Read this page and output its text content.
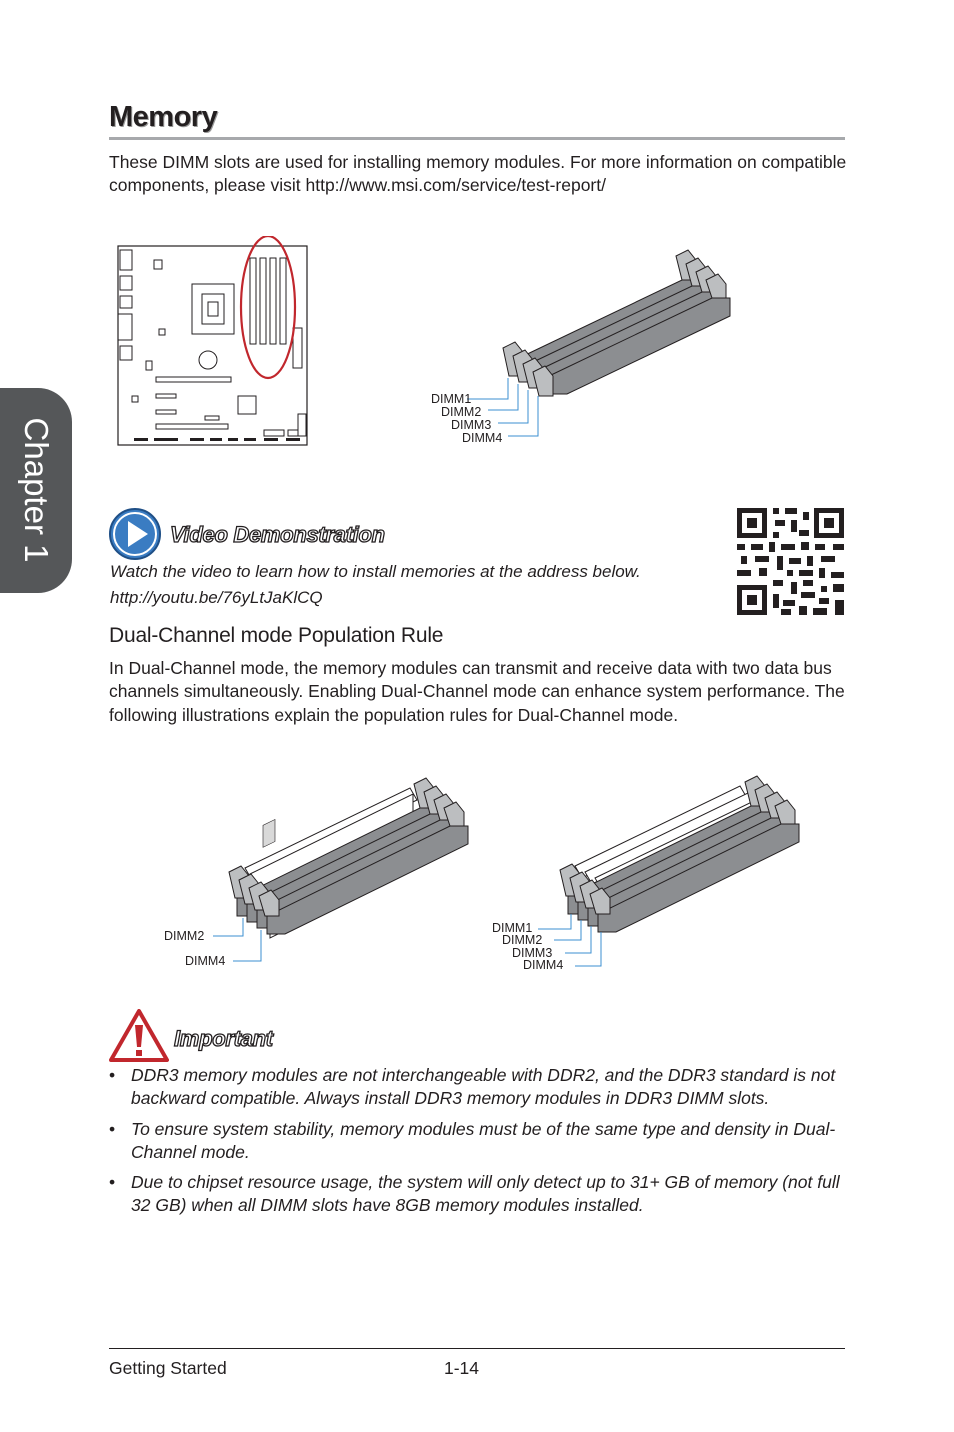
Chapter 1
Memory
These DIMM slots are used for installing memory modules. For more information on compatible components, please visit http://www.msi.com/service/test-report/
DIMM1
DIMM2
DIMM3
DIMM4
Video Demonstration
Watch the video to learn how to install memories at the address below.
http://youtu.be/76yLtJaKlCQ
Dual-Channel mode Population Rule
In Dual-Channel mode, the memory modules can transmit and receive data with two data bus channels simultaneously. Enabling Dual-Channel mode can enhance system performance. The following illustrations explain the population rules for Dual-Channel mode.
DIMM2
DIMM4
DIMM1
DIMM2
DIMM3
DIMM4
Important
• DDR3 memory modules are not interchangeable with DDR2, and the DDR3 standard is not backward compatible. Always install DDR3 memory modules in DDR3 DIMM slots.
• To ensure system stability, memory modules must be of the same type and density in Dual-Channel mode.
• Due to chipset resource usage, the system will only detect up to 31+ GB of memory (not full 32 GB) when all DIMM slots have 8GB memory modules installed.
Getting Started	1-14
